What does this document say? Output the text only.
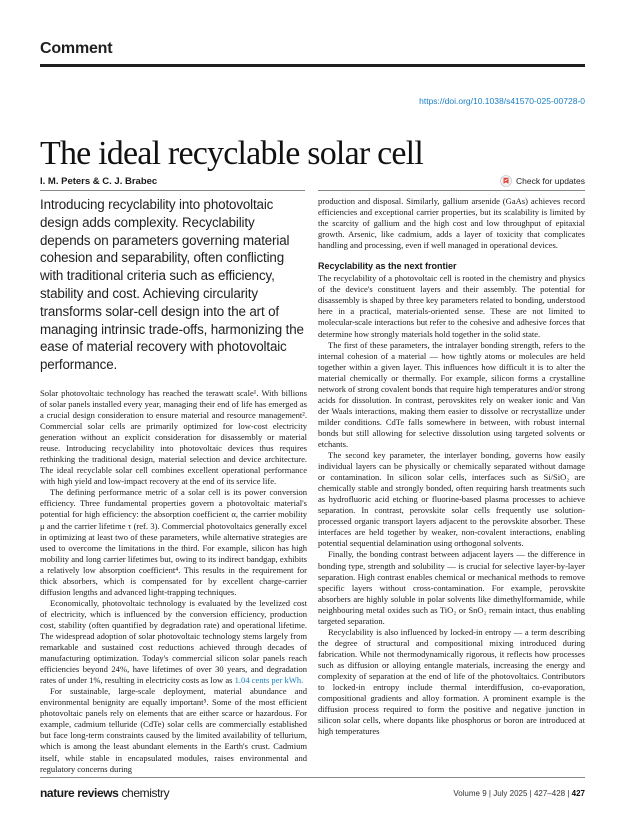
Comment
https://doi.org/10.1038/s41570-025-00728-0
The ideal recyclable solar cell
I. M. Peters & C. J. Brabec	Check for updates
Introducing recyclability into photovoltaic design adds complexity. Recyclability depends on parameters governing material cohesion and separability, often conflicting with traditional criteria such as efficiency, stability and cost. Achieving circularity transforms solar-cell design into the art of managing intrinsic trade-offs, harmonizing the ease of material recovery with photovoltaic performance.

Solar photovoltaic technology has reached the terawatt scale¹. With billions of solar panels installed every year, managing their end of life has emerged as a crucial design consideration to ensure material and resource management². Commercial solar cells are primarily optimized for low-cost electricity generation without an explicit consideration for disassembly or material reuse. Introducing recyclability into photovoltaic devices thus requires rethinking the traditional design, material selection and device architecture. The ideal recyclable solar cell combines excellent operational performance with high yield and low-impact recovery at the end of its service life.

The defining performance metric of a solar cell is its power conversion efficiency. Three fundamental properties govern a photovoltaic material's potential for high efficiency: the absorption coefficient α, the carrier mobility μ and the carrier lifetime τ (ref. 3). Commercial photovoltaics generally excel in optimizing at least two of these parameters, while alternative strategies are used to overcome the limitations in the third. For example, silicon has high mobility and long carrier lifetimes but, owing to its indirect bandgap, exhibits a relatively low absorption coefficient⁴. This results in the requirement for thick absorbers, which is compensated for by excellent charge-carrier diffusion lengths and advanced light-trapping techniques.

Economically, photovoltaic technology is evaluated by the levelized cost of electricity, which is influenced by the conversion efficiency, production cost, stability (often quantified by degradation rate) and operational lifetime. The widespread adoption of solar photovoltaic technology stems largely from remarkable and sustained cost reductions achieved through decades of manufacturing optimization. Today's commercial silicon solar panels reach efficiencies beyond 24%, have lifetimes of over 30 years, and degradation rates of under 1%, resulting in electricity costs as low as 1.04 cents per kWh.

For sustainable, large-scale deployment, material abundance and environmental benignity are equally important⁵. Some of the most efficient photovoltaic panels rely on elements that are either scarce or hazardous. For example, cadmium telluride (CdTe) solar cells are commercially established but face long-term constraints caused by the limited availability of tellurium, which is among the least abundant elements in the Earth's crust. Cadmium itself, while stable in encapsulated modules, raises environmental and regulatory concerns during

production and disposal. Similarly, gallium arsenide (GaAs) achieves record efficiencies and exceptional carrier properties, but its scalability is limited by the scarcity of gallium and the high cost and low throughput of epitaxial growth. Arsenic, like cadmium, adds a layer of toxicity that complicates handling and processing, even if well managed in operational devices.

Recyclability as the next frontier

The recyclability of a photovoltaic cell is rooted in the chemistry and physics of the device's constituent layers and their assembly. The potential for disassembly is shaped by three key parameters related to bonding, understood here in a practical, materials-oriented sense. These are not limited to molecular-scale interactions but refer to the cohesive and adhesive forces that determine how strongly materials hold together in the solid state.

The first of these parameters, the intralayer bonding strength, refers to the internal cohesion of a material — how tightly atoms or molecules are held together within a given layer. This influences how difficult it is to alter the material chemically or thermally. For example, silicon forms a crystalline network of strong covalent bonds that require high temperatures and/or strong acids for dissolution. In contrast, perovskites rely on weaker ionic and Van der Waals interactions, making them easier to dissolve or recrystallize under milder conditions. CdTe falls somewhere in between, with robust internal bonds but still allowing for selective dissolution using targeted solvents or etchants.

The second key parameter, the interlayer bonding, governs how easily individual layers can be physically or chemically separated without damage or contamination. In silicon solar cells, interfaces such as Si/SiO₂ are chemically stable and strongly bonded, often requiring harsh treatments such as hydrofluoric acid etching or fluorine-based plasma processes to achieve separation. In contrast, perovskite solar cells frequently use solution-processed organic transport layers adjacent to the perovskite absorber. These interfaces are held together by weaker, non-covalent interactions, enabling potential sequential delamination using orthogonal solvents.

Finally, the bonding contrast between adjacent layers — the difference in bonding type, strength and solubility — is crucial for selective layer-by-layer separation. High contrast enables chemical or mechanical methods to remove specific layers without cross-contamination. For example, perovskite absorbers are highly soluble in polar solvents like dimethylformamide, while neighbouring metal oxides such as TiO₂ or SnO₂ remain intact, thus enabling targeted separation.

Recyclability is also influenced by locked-in entropy — a term describing the degree of structural and compositional mixing introduced during fabrication. While not thermodynamically rigorous, it reflects how processes such as diffusion or alloying entangle materials, increasing the energy and complexity of separation at the end of life of the photovoltaics. Contributors to locked-in entropy include thermal interdiffusion, co-evaporation, compositional gradients and alloy formation. A prominent example is the diffusion process required to form the positive and negative junction in silicon solar cells, where dopants like phosphorus or boron are introduced at high temperatures

nature reviews chemistry	Volume 9 | July 2025 | 427–428 | 427
